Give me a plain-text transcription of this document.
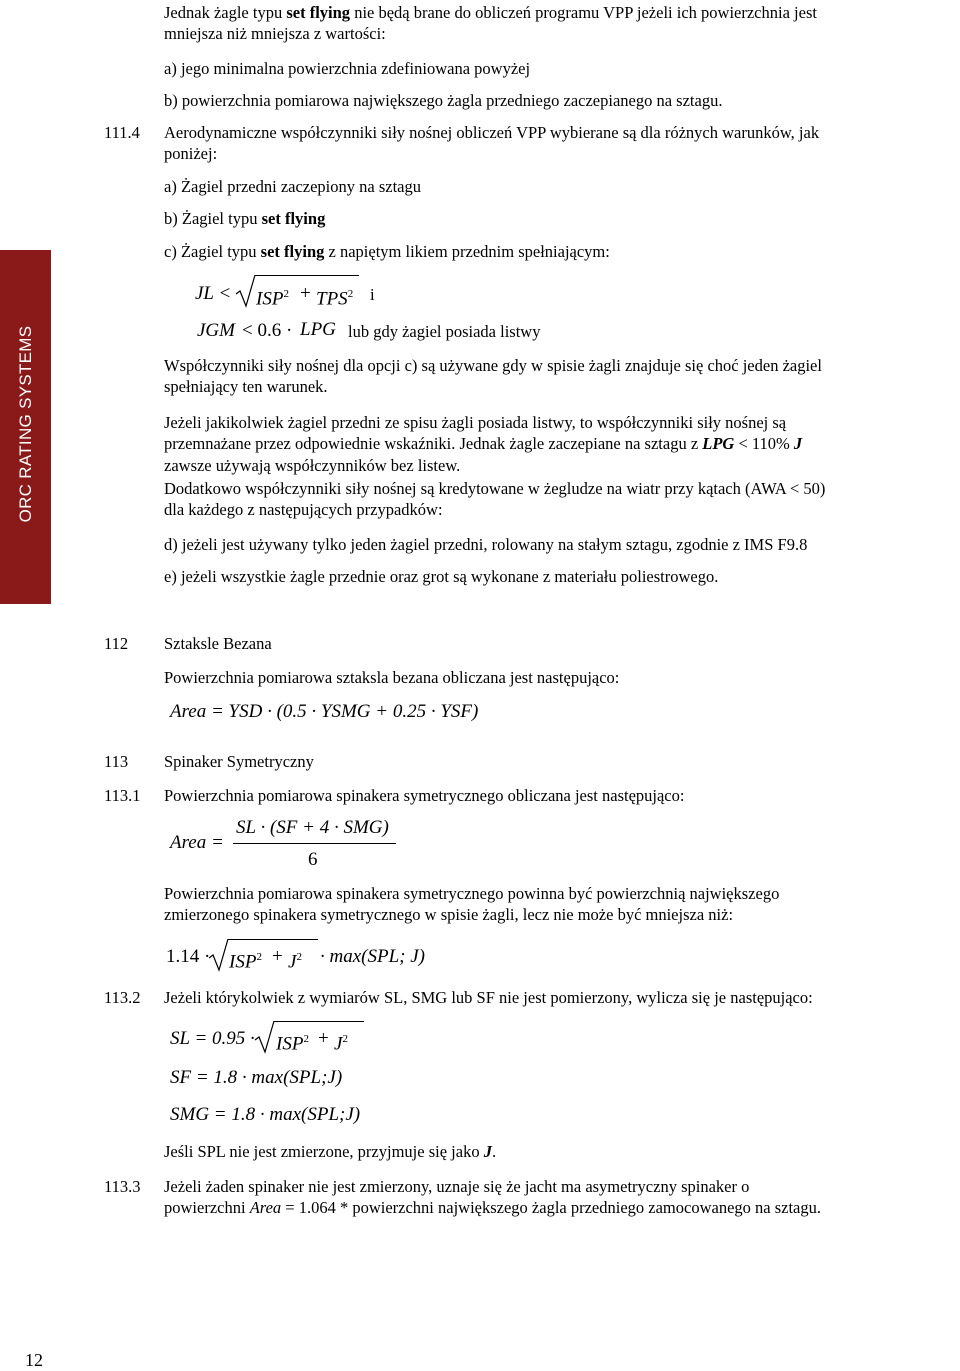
ORC RATING SYSTEMS
Jednak żagle typu set flying nie będą brane do obliczeń programu VPP jeżeli ich powierzchnia jest
mniejsza niż mniejsza z wartości:
a) jego minimalna powierzchnia zdefiniowana powyżej
b) powierzchnia pomiarowa największego żagla przedniego zaczepianego na sztagu.
111.4 Aerodynamiczne współczynniki siły nośnej obliczeń VPP wybierane są dla różnych warunków, jak
poniżej:
a) Żagiel przedni zaczepiony na sztagu
b) Żagiel typu set flying
c) Żagiel typu set flying z napiętym likiem przednim spełniającym:
JL < $ISP^2 + TPS^2$ i
JGM < 0.6 · LPG lub gdy żagiel posiada listwy
Współczynniki siły nośnej dla opcji c) są używane gdy w spisie żagli znajduje się choć jeden żagiel
spełniający ten warunek.
Jeżeli jakikolwiek żagiel przedni ze spisu żagli posiada listwy, to współczynniki siły nośnej są
przemnażane przez odpowiednie wskaźniki. Jednak żagle zaczepiane na sztagu z LPG < 110% J
zawsze używają współczynników bez listew.
Dodatkowo współczynniki siły nośnej są kredytowane w żegludze na wiatr przy kątach (AWA < 50)
dla każdego z następujących przypadków:
d) jeżeli jest używany tylko jeden żagiel przedni, rolowany na stałym sztagu, zgodnie z IMS F9.8
e) jeżeli wszystkie żagle przednie oraz grot są wykonane z materiału poliestrowego.
112 Sztaksle Bezana
Powierzchnia pomiarowa sztaksla bezana obliczana jest następująco:
Area = YSD · (0.5 · YSMG + 0.25 · YSF)
113 Spinaker Symetryczny
113.1 Powierzchnia pomiarowa spinakera symetrycznego obliczana jest następująco:
Area =
SL · (SF + 4 · SMG)
6
Powierzchnia pomiarowa spinakera symetrycznego powinna być powierzchnią największego
zmierzonego spinakera symetrycznego w spisie żagli, lecz nie może być mniejsza niż:
$1.14 \cdot ISP^2 + J^2 \cdot \max(SPL$; J)
113.2 Jeżeli którykolwiek z wymiarów SL, SMG lub SF nie jest pomierzony, wylicza się je następująco:
SL = $0.95 \cdot ISP^2 + J^2$
SF = 1.8 · max(SPL;J)
SMG = 1.8 · max(SPL;J)
Jeśli SPL nie jest zmierzone, przyjmuje się jako J.
113.3 Jeżeli żaden spinaker nie jest zmierzony, uznaje się że jacht ma asymetryczny spinaker o
powierzchni Area = 1.064 * powierzchni największego żagla przedniego zamocowanego na sztagu.
12
